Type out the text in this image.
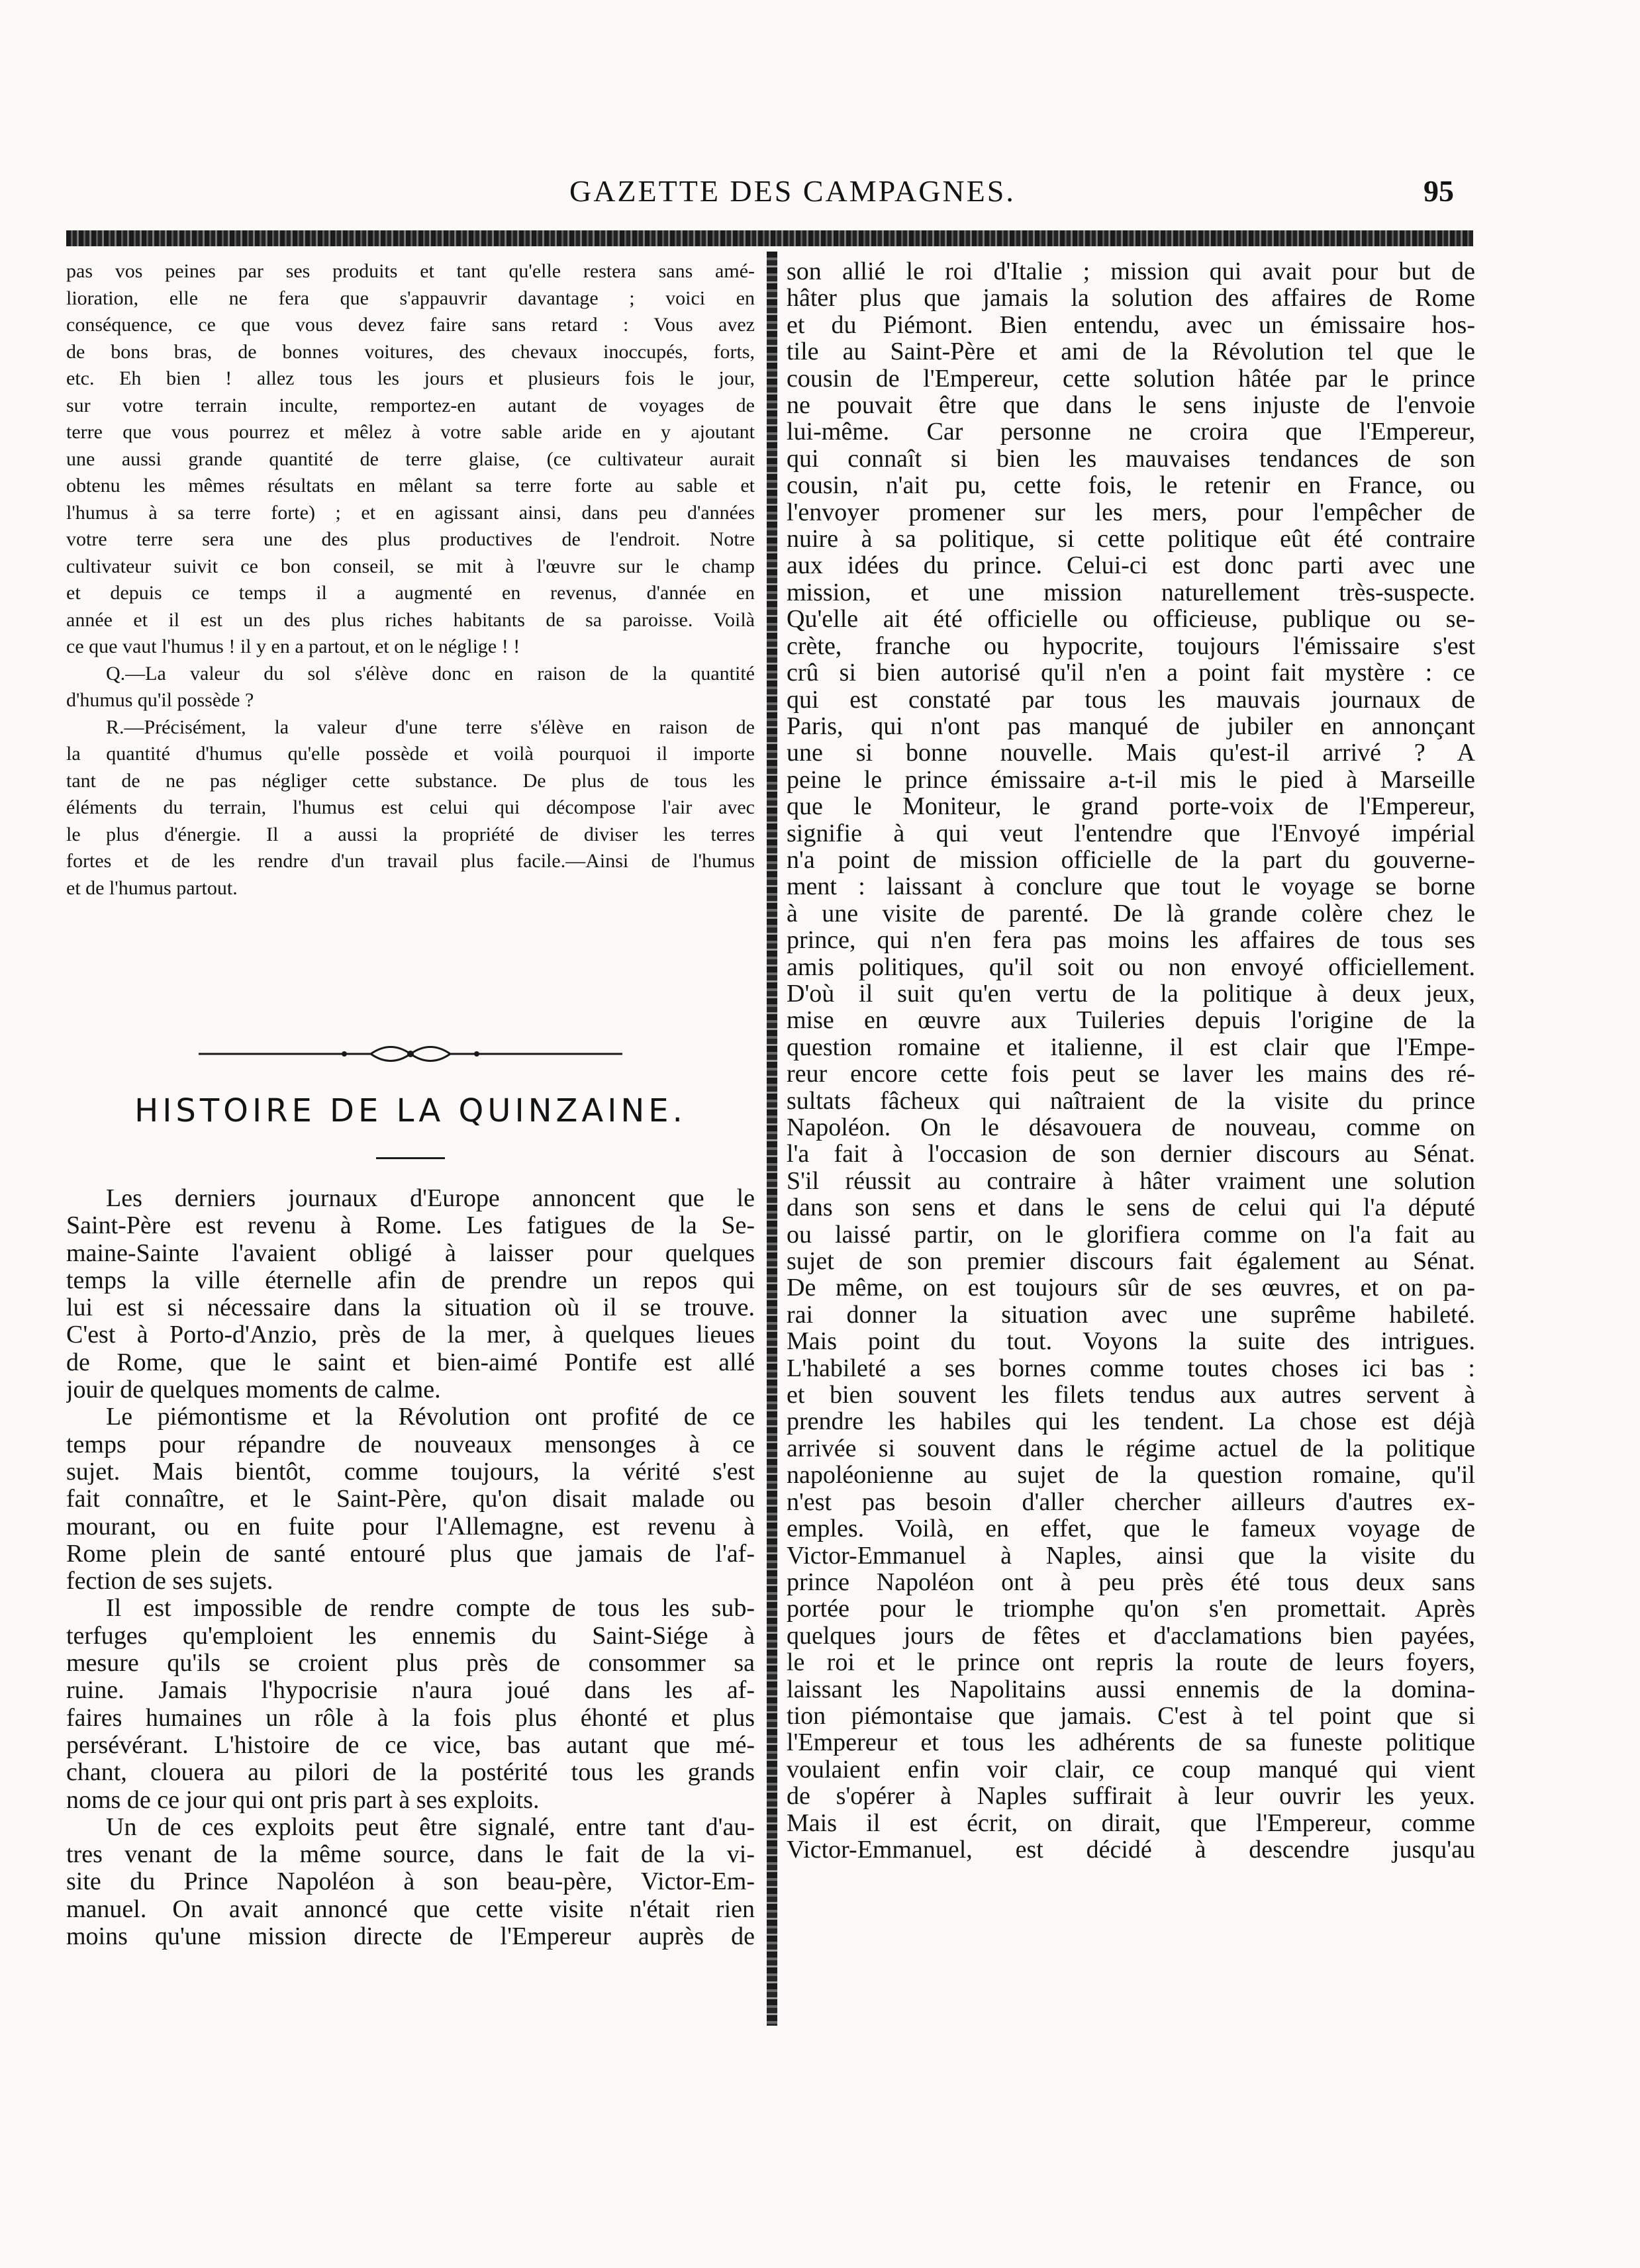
GAZETTE DES CAMPAGNES.	95
pas vos peines par ses produits et tant qu'elle restera sans amé-
lioration, elle ne fera que s'appauvrir davantage ; voici en
conséquence, ce que vous devez faire sans retard : Vous avez
de bons bras, de bonnes voitures, des chevaux inoccupés, forts,
etc. Eh bien ! allez tous les jours et plusieurs fois le jour,
sur votre terrain inculte, remportez-en autant de voyages de
terre que vous pourrez et mêlez à votre sable aride en y ajoutant
une aussi grande quantité de terre glaise, (ce cultivateur aurait
obtenu les mêmes résultats en mêlant sa terre forte au sable et
l'humus à sa terre forte) ; et en agissant ainsi, dans peu d'années
votre terre sera une des plus productives de l'endroit. Notre
cultivateur suivit ce bon conseil, se mit à l'œuvre sur le champ
et depuis ce temps il a augmenté en revenus, d'année en
année et il est un des plus riches habitants de sa paroisse. Voilà
ce que vaut l'humus ! il y en a partout, et on le néglige ! !
Q.—La valeur du sol s'élève donc en raison de la quantité
d'humus qu'il possède ?
R.—Précisément, la valeur d'une terre s'élève en raison de
la quantité d'humus qu'elle possède et voilà pourquoi il importe
tant de ne pas négliger cette substance. De plus de tous les
éléments du terrain, l'humus est celui qui décompose l'air avec
le plus d'énergie. Il a aussi la propriété de diviser les terres
fortes et de les rendre d'un travail plus facile.—Ainsi de l'humus
et de l'humus partout.
HISTOIRE DE LA QUINZAINE.
Les derniers journaux d'Europe annoncent que le
Saint-Père est revenu à Rome. Les fatigues de la Se-
maine-Sainte l'avaient obligé à laisser pour quelques
temps la ville éternelle afin de prendre un repos qui
lui est si nécessaire dans la situation où il se trouve.
C'est à Porto-d'Anzio, près de la mer, à quelques lieues
de Rome, que le saint et bien-aimé Pontife est allé
jouir de quelques moments de calme.
Le piémontisme et la Révolution ont profité de ce
temps pour répandre de nouveaux mensonges à ce
sujet. Mais bientôt, comme toujours, la vérité s'est
fait connaître, et le Saint-Père, qu'on disait malade ou
mourant, ou en fuite pour l'Allemagne, est revenu à
Rome plein de santé entouré plus que jamais de l'af-
fection de ses sujets.
Il est impossible de rendre compte de tous les sub-
terfuges qu'emploient les ennemis du Saint-Siége à
mesure qu'ils se croient plus près de consommer sa
ruine. Jamais l'hypocrisie n'aura joué dans les af-
faires humaines un rôle à la fois plus éhonté et plus
persévérant. L'histoire de ce vice, bas autant que mé-
chant, clouera au pilori de la postérité tous les grands
noms de ce jour qui ont pris part à ses exploits.
Un de ces exploits peut être signalé, entre tant d'au-
tres venant de la même source, dans le fait de la vi-
site du Prince Napoléon à son beau-père, Victor-Em-
manuel. On avait annoncé que cette visite n'était rien
moins qu'une mission directe de l'Empereur auprès de
son allié le roi d'Italie ; mission qui avait pour but de
hâter plus que jamais la solution des affaires de Rome
et du Piémont. Bien entendu, avec un émissaire hos-
tile au Saint-Père et ami de la Révolution tel que le
cousin de l'Empereur, cette solution hâtée par le prince
ne pouvait être que dans le sens injuste de l'envoie
lui-même. Car personne ne croira que l'Empereur,
qui connaît si bien les mauvaises tendances de son
cousin, n'ait pu, cette fois, le retenir en France, ou
l'envoyer promener sur les mers, pour l'empêcher de
nuire à sa politique, si cette politique eût été contraire
aux idées du prince. Celui-ci est donc parti avec une
mission, et une mission naturellement très-suspecte.
Qu'elle ait été officielle ou officieuse, publique ou se-
crète, franche ou hypocrite, toujours l'émissaire s'est
crû si bien autorisé qu'il n'en a point fait mystère : ce
qui est constaté par tous les mauvais journaux de
Paris, qui n'ont pas manqué de jubiler en annonçant
une si bonne nouvelle. Mais qu'est-il arrivé ? A
peine le prince émissaire a-t-il mis le pied à Marseille
que le Moniteur, le grand porte-voix de l'Empereur,
signifie à qui veut l'entendre que l'Envoyé impérial
n'a point de mission officielle de la part du gouverne-
ment : laissant à conclure que tout le voyage se borne
à une visite de parenté. De là grande colère chez le
prince, qui n'en fera pas moins les affaires de tous ses
amis politiques, qu'il soit ou non envoyé officiellement.
D'où il suit qu'en vertu de la politique à deux jeux,
mise en œuvre aux Tuileries depuis l'origine de la
question romaine et italienne, il est clair que l'Empe-
reur encore cette fois peut se laver les mains des ré-
sultats fâcheux qui naîtraient de la visite du prince
Napoléon. On le désavouera de nouveau, comme on
l'a fait à l'occasion de son dernier discours au Sénat.
S'il réussit au contraire à hâter vraiment une solution
dans son sens et dans le sens de celui qui l'a député
ou laissé partir, on le glorifiera comme on l'a fait au
sujet de son premier discours fait également au Sénat.
De même, on est toujours sûr de ses œuvres, et on pa-
rai donner la situation avec une suprême habileté.
Mais point du tout. Voyons la suite des intrigues.
L'habileté a ses bornes comme toutes choses ici bas :
et bien souvent les filets tendus aux autres servent à
prendre les habiles qui les tendent. La chose est déjà
arrivée si souvent dans le régime actuel de la politique
napoléonienne au sujet de la question romaine, qu'il
n'est pas besoin d'aller chercher ailleurs d'autres ex-
emples. Voilà, en effet, que le fameux voyage de
Victor-Emmanuel à Naples, ainsi que la visite du
prince Napoléon ont à peu près été tous deux sans
portée pour le triomphe qu'on s'en promettait. Après
quelques jours de fêtes et d'acclamations bien payées,
le roi et le prince ont repris la route de leurs foyers,
laissant les Napolitains aussi ennemis de la domina-
tion piémontaise que jamais. C'est à tel point que si
l'Empereur et tous les adhérents de sa funeste politique
voulaient enfin voir clair, ce coup manqué qui vient
de s'opérer à Naples suffirait à leur ouvrir les yeux.
Mais il est écrit, on dirait, que l'Empereur, comme
Victor-Emmanuel, est décidé à descendre jusqu'au
